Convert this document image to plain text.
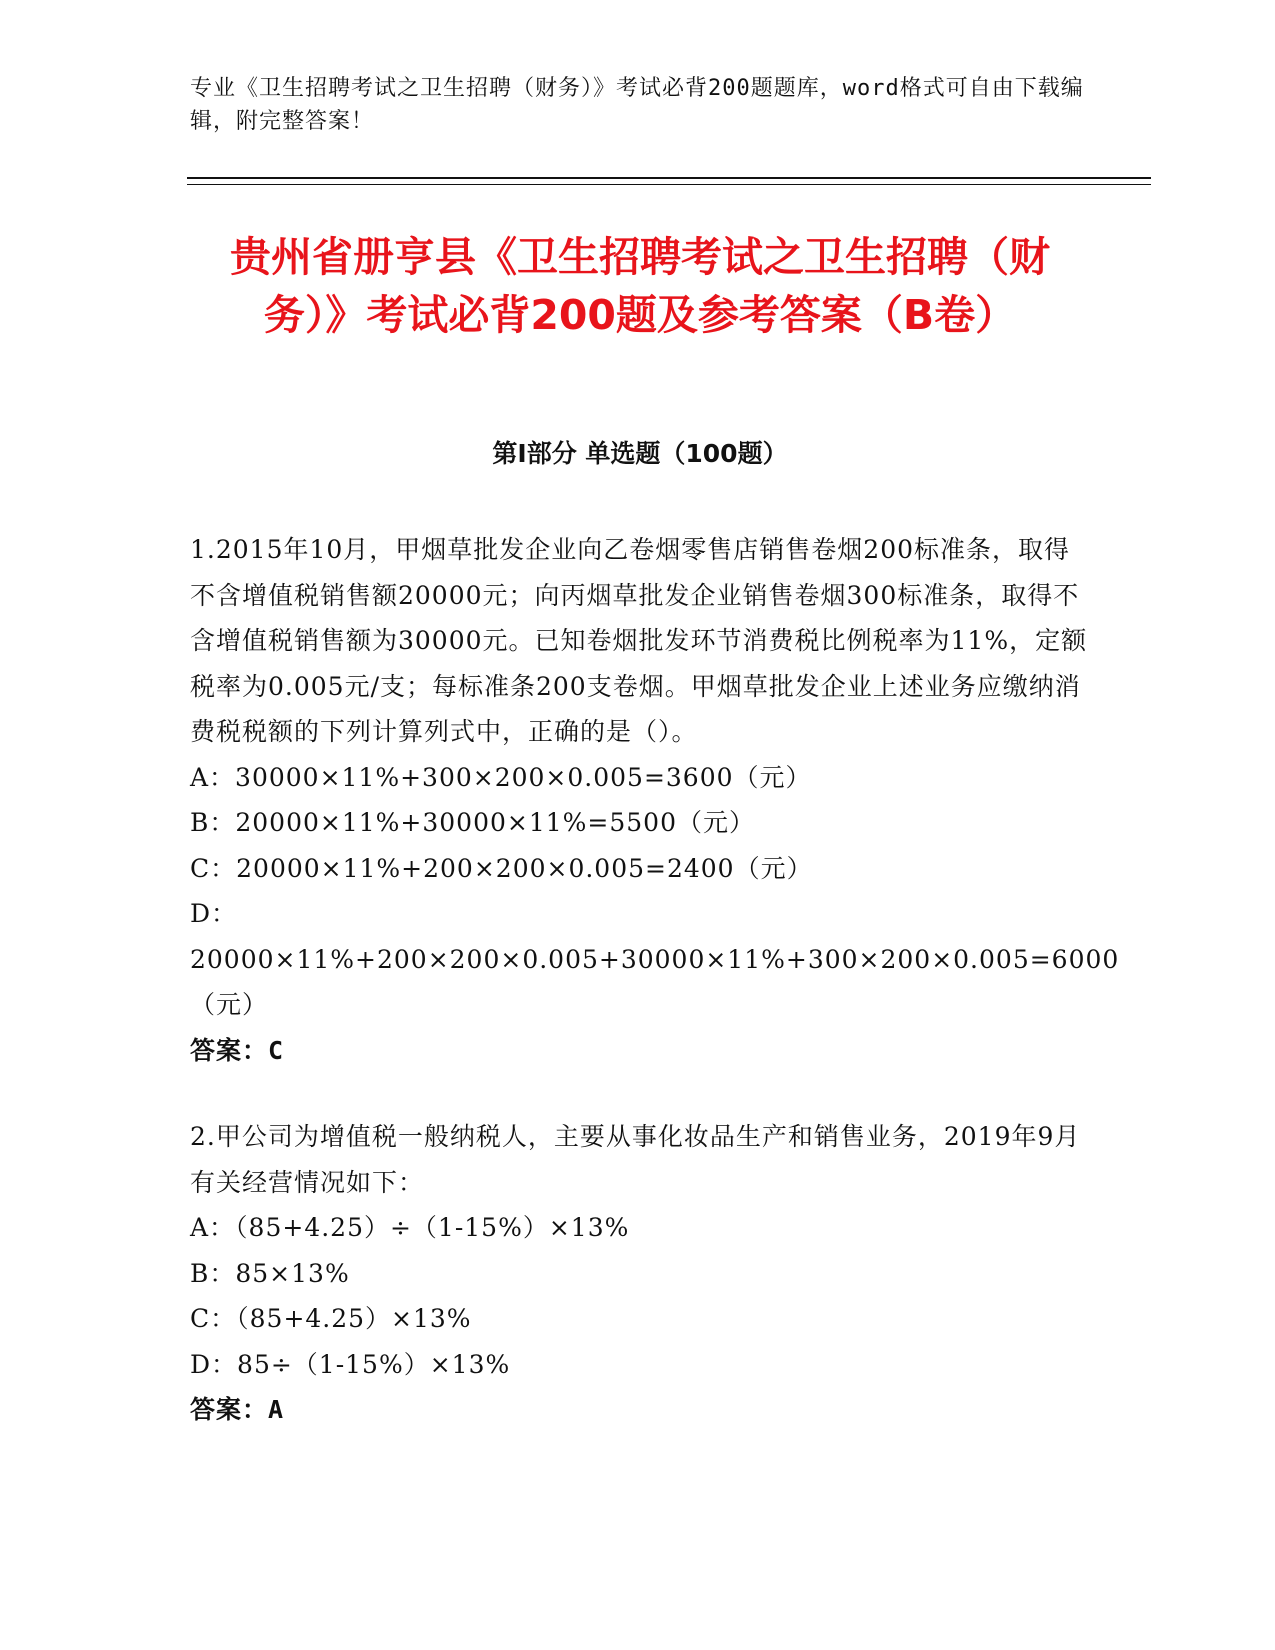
专业《卫生招聘考试之卫生招聘（财务）》考试必背200题题库，word格式可自由下载编辑，附完整答案！
贵州省册亨县《卫生招聘考试之卫生招聘（财务）》考试必背200题及参考答案（B卷）
第I部分 单选题（100题）

1.2015年10月，甲烟草批发企业向乙卷烟零售店销售卷烟200标准条，取得不含增值税销售额20000元；向丙烟草批发企业销售卷烟300标准条，取得不含增值税销售额为30000元。已知卷烟批发环节消费税比例税率为11%，定额税率为0.005元/支；每标准条200支卷烟。甲烟草批发企业上述业务应缴纳消费税税额的下列计算列式中，正确的是（）。

A：30000×11%+300×200×0.005=3600（元）

B：20000×11%+30000×11%=5500（元）

C：20000×11%+200×200×0.005=2400（元）

D：20000×11%+200×200×0.005+30000×11%+300×200×0.005=6000（元）

答案：C

2.甲公司为增值税一般纳税人，主要从事化妆品生产和销售业务，2019年9月有关经营情况如下：

A：（85+4.25）÷（1-15%）×13%

B：85×13%

C：（85+4.25）×13%

D：85÷（1-15%）×13%

答案：A
